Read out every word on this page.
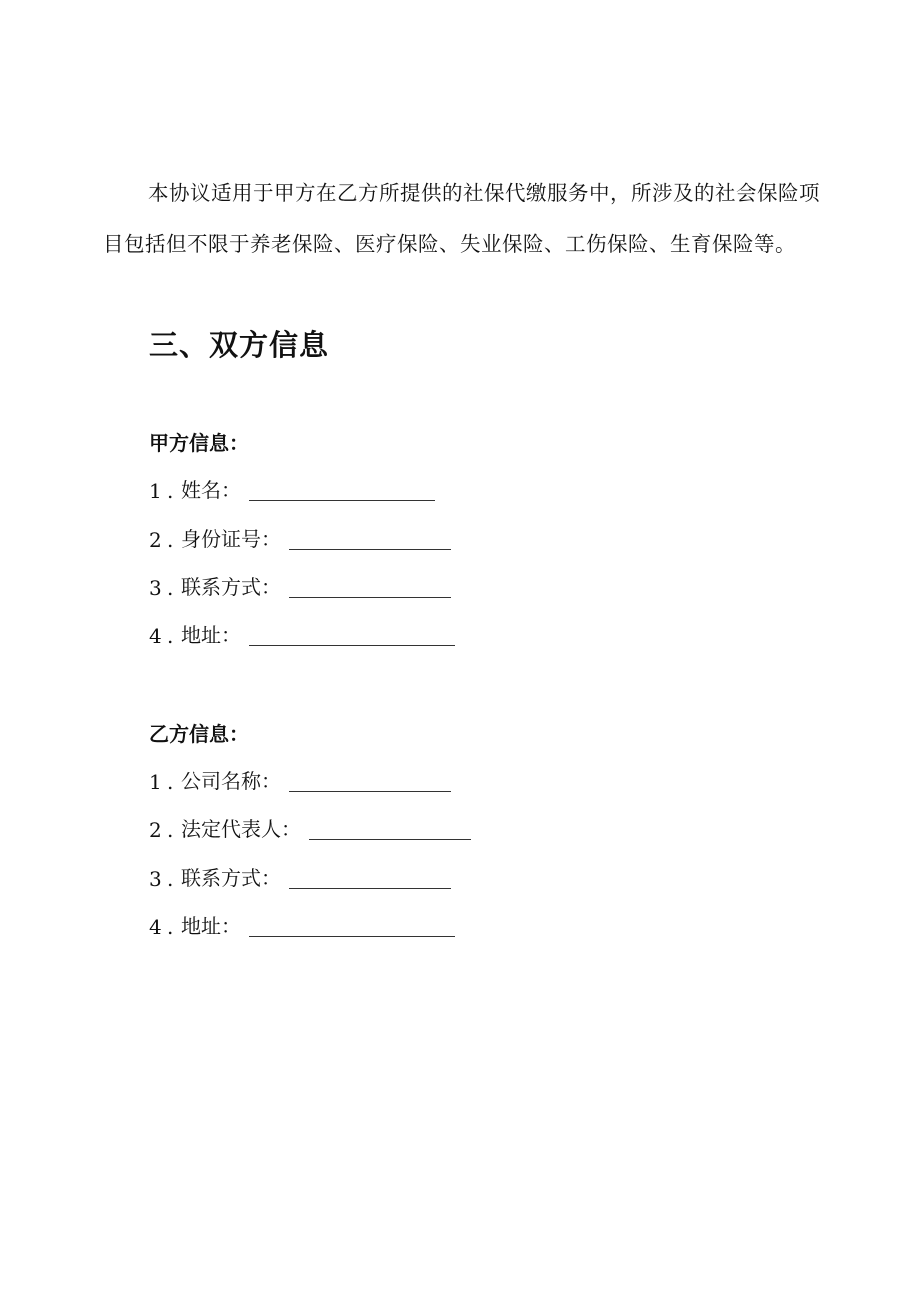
本协议适用于甲方在乙方所提供的社保代缴服务中，所涉及的社会保险项目包括但不限于养老保险、医疗保险、失业保险、工伤保险、生育保险等。

三、双方信息

甲方信息：

1 . 姓名：
2 . 身份证号：
3 . 联系方式：
4 . 地址：

乙方信息：

1 . 公司名称：
2 . 法定代表人：
3 . 联系方式：
4 . 地址：
